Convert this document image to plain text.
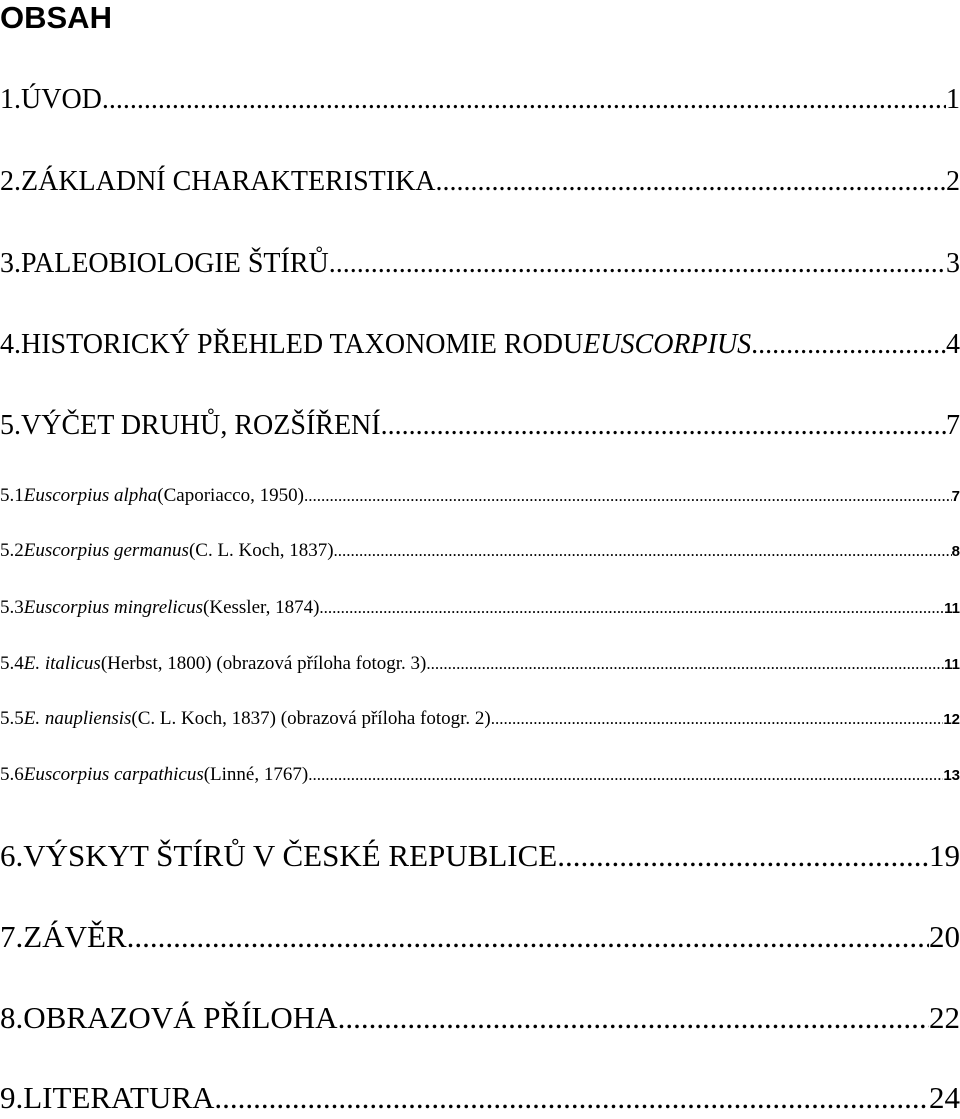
OBSAH
1. ÚVOD .....	1
2. ZÁKLADNÍ CHARAKTERISTIKA .....	2
3. PALEOBIOLOGIE ŠTÍRŮ .....	3
4. HISTORICKÝ PŘEHLED TAXONOMIE RODU EUSCORPIUS .....	4
5. VÝČET DRUHŮ, ROZŠÍŘENÍ .....	7
5.1 Euscorpius alpha (Caporiacco, 1950) .....	7
5.2 Euscorpius germanus (C. L. Koch, 1837) .....	8
5.3 Euscorpius mingrelicus (Kessler, 1874) .....	11
5.4 E. italicus (Herbst, 1800) (obrazová příloha fotogr. 3) .....	11
5.5 E. naupliensis (C. L. Koch, 1837) (obrazová příloha fotogr. 2) .....	12
5.6 Euscorpius carpathicus (Linné, 1767) .....	13
6. VÝSKYT ŠTÍRŮ V ČESKÉ REPUBLICE .....	19
7. ZÁVĚR .....	20
8. OBRAZOVÁ PŘÍLOHA .....	22
9. LITERATURA .....	24
